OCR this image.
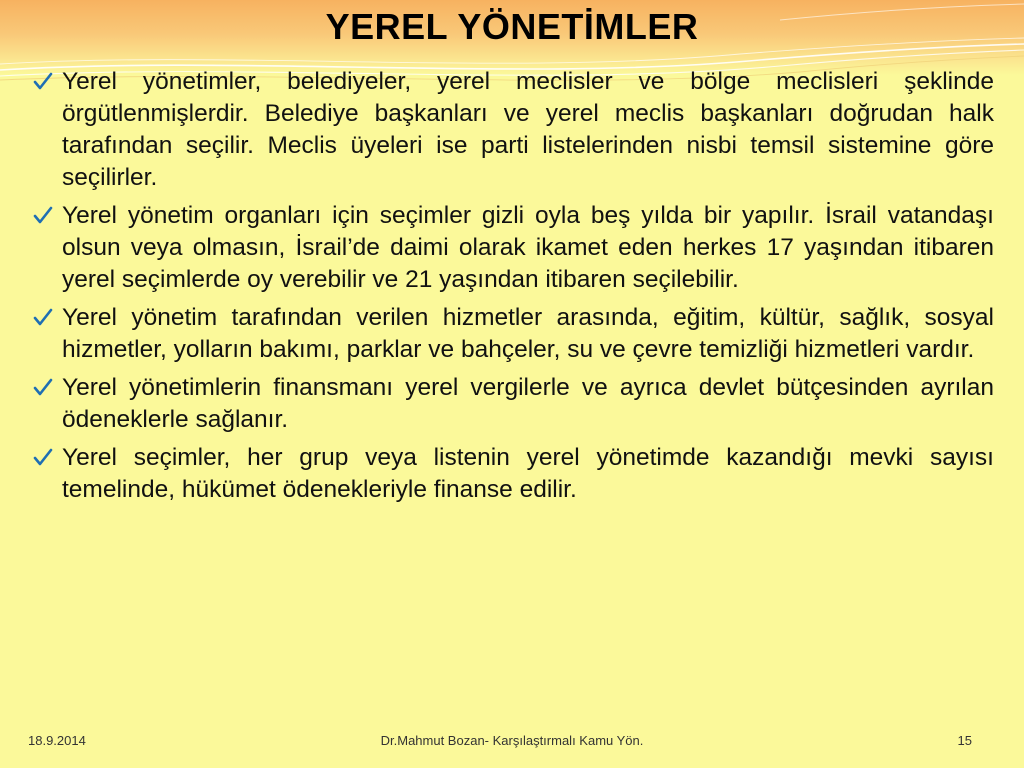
YEREL YÖNETİMLER
Yerel yönetimler, belediyeler, yerel meclisler ve bölge meclisleri şeklinde örgütlenmişlerdir. Belediye başkanları ve yerel meclis başkanları doğrudan halk tarafından seçilir. Meclis üyeleri ise parti listelerinden nisbi temsil sistemine göre seçilirler.
Yerel yönetim organları için seçimler gizli oyla beş yılda bir yapılır. İsrail vatandaşı olsun veya olmasın, İsrail’de daimi olarak ikamet eden herkes 17 yaşından itibaren yerel seçimlerde oy verebilir ve 21 yaşından itibaren seçilebilir.
Yerel yönetim tarafından verilen hizmetler arasında, eğitim, kültür, sağlık, sosyal hizmetler, yolların bakımı, parklar ve bahçeler, su ve çevre temizliği hizmetleri vardır.
Yerel yönetimlerin finansmanı yerel vergilerle ve ayrıca devlet bütçesinden ayrılan ödeneklerle sağlanır.
Yerel seçimler, her grup veya listenin yerel yönetimde kazandığı mevki sayısı temelinde, hükümet ödenekleriyle finanse edilir.
Dr.Mahmut Bozan- Karşılaştırmalı Kamu Yön.
18.9.2014	15
